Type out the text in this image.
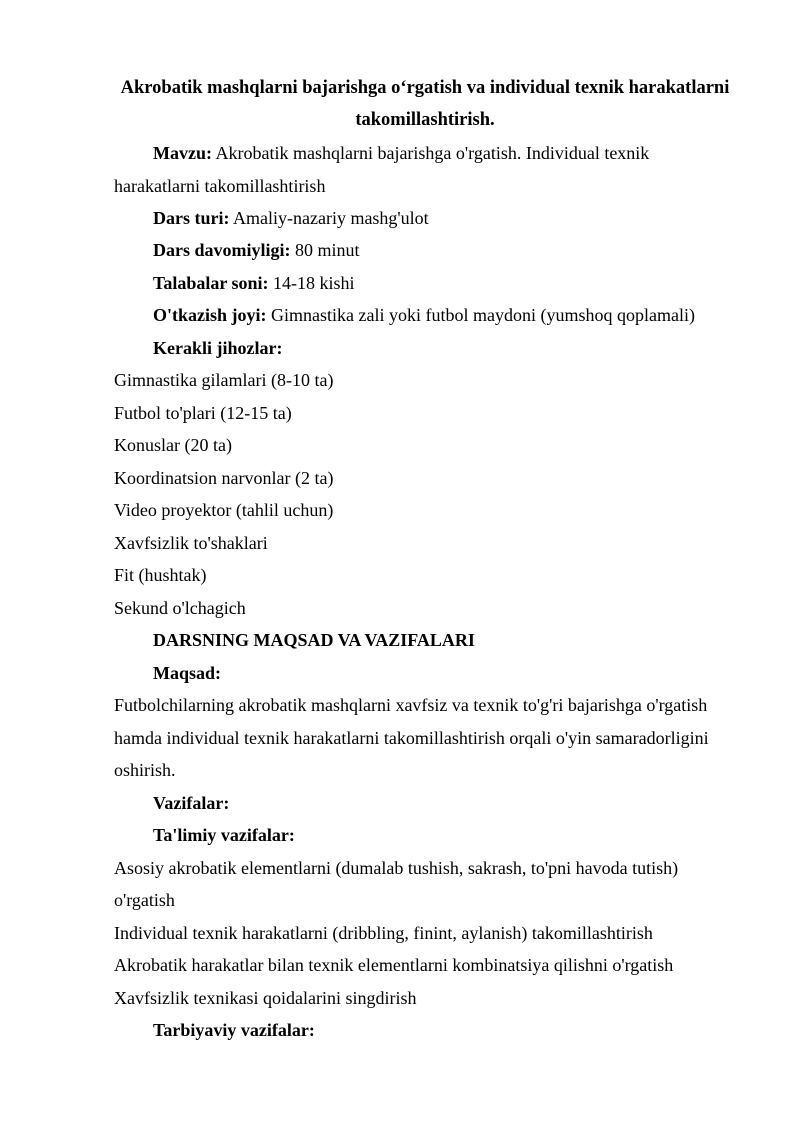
Akrobatik mashqlarni bajarishga o‘rgatish va individual texnik harakatlarni takomillashtirish.
Mavzu: Akrobatik mashqlarni bajarishga o'rgatish. Individual texnik
harakatlarni takomillashtirish
Dars turi: Amaliy-nazariy mashg'ulot
Dars davomiyligi: 80 minut
Talabalar soni: 14-18 kishi
O'tkazish joyi: Gimnastika zali yoki futbol maydoni (yumshoq qoplamali)
Kerakli jihozlar:
Gimnastika gilamlari (8-10 ta)
Futbol to'plari (12-15 ta)
Konuslar (20 ta)
Koordinatsion narvonlar (2 ta)
Video proyektor (tahlil uchun)
Xavfsizlik to'shaklari
Fit (hushtak)
Sekund o'lchagich
DARSNING MAQSAD VA VAZIFALARI
Maqsad:
Futbolchilarning akrobatik mashqlarni xavfsiz va texnik to'g'ri bajarishga o'rgatish
hamda individual texnik harakatlarni takomillashtirish orqali o'yin samaradorligini
oshirish.
Vazifalar:
Ta'limiy vazifalar:
Asosiy akrobatik elementlarni (dumalab tushish, sakrash, to'pni havoda tutish)
o'rgatish
Individual texnik harakatlarni (dribbling, finint, aylanish) takomillashtirish
Akrobatik harakatlar bilan texnik elementlarni kombinatsiya qilishni o'rgatish
Xavfsizlik texnikasi qoidalarini singdirish
Tarbiyaviy vazifalar:
